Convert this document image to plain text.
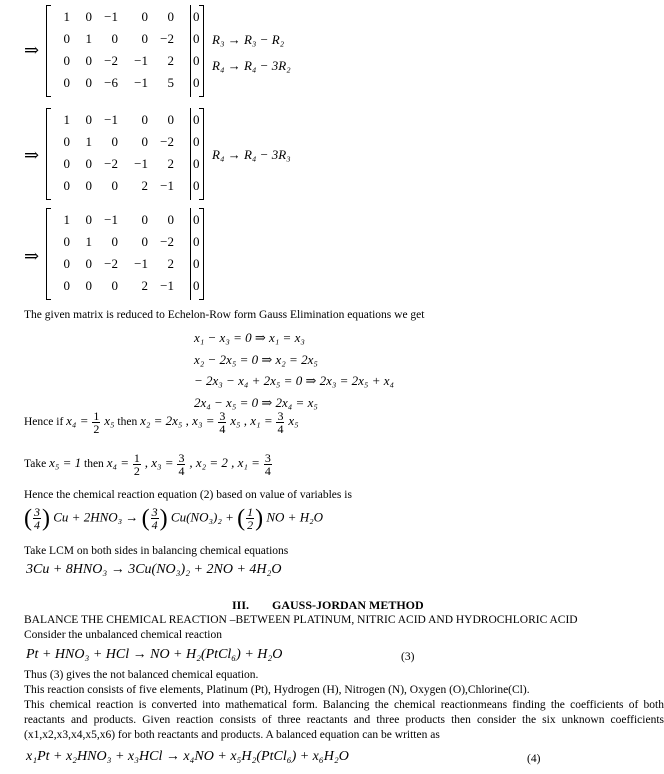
⇒
1	0 −1	0	0 0
0	1	0	0 −2 0
0	0 −2	−1	2 0
0	0 −6	−1	5 0
R₃ → R₃ − R₂
R₄ → R₄ − 3R₂
⇒
1	0 −1	0	0 0
0	1	0	0 −2 0
0	0 −2	−1	2 0
0	0	0	2 −1 0
R₄ → R₄ − 3R₃
⇒
1	0 −1	0	0 0
0	1	0	0 −2 0
0	0 −2	−1	2 0
0	0	0	2 −1 0
The given matrix is reduced to Echelon-Row form Gauss Elimination equations we get
x₁ − x₃ = 0 ⇒ x₁ = x₃
x₂ − 2x₅ = 0 ⇒ x₂ = 2x₅
− 2x₃ − x₄ + 2x₅ = 0 ⇒ 2x₃ = 2x₅ + x₄
2x₄ − x₅ = 0 ⇒ 2x₄ = x₅
Hence if $x_4 = \frac{1}{2} x_5$ then x₂ = 2x₅ , $x_3 = \frac{3}{4} x_5$ , $x_1 = \frac{3}{4} x_5$
Take x₅ = 1 then $x_4 = \frac{1}{2}$ , $x_3 = \frac{3}{4}$ , x₂ = 2 , $x_1 = \frac{3}{4}$
Hence the chemical reaction equation (2) based on value of variables is
( $\frac{3}{4}$ ) Cu + 2HNO₃ → ( $\frac{3}{4}$ ) Cu(NO₃)₂ + ( $\frac{1}{2}$ ) NO + H₂O
Take LCM on both sides in balancing chemical equations
3Cu + 8HNO₃ → 3Cu(NO₃)₂ + 2NO + 4H₂O
III. GAUSS-JORDAN METHOD
BALANCE THE CHEMICAL REACTION –BETWEEN PLATINUM, NITRIC ACID AND HYDROCHLORIC ACID
Consider the unbalanced chemical reaction
Pt + HNO₃ + HCl → NO + H₂(PtCl₆) + H₂O	(3)
Thus (3) gives the not balanced chemical equation.
This reaction consists of five elements, Platinum (Pt), Hydrogen (H), Nitrogen (N), Oxygen (O),Chlorine(Cl).
This chemical reaction is converted into mathematical form. Balancing the chemical reactionmeans finding the coefficients of both reactants and products. Given reaction consists of three reactants and three products then consider the six unknown coefficients (x1,x2,x3,x4,x5,x6) for both reactants and products. A balanced equation can be written as
x₁Pt + x₂HNO₃ + x₃HCl → x₄NO + x₅H₂(PtCl₆) + x₆H₂O	(4)
